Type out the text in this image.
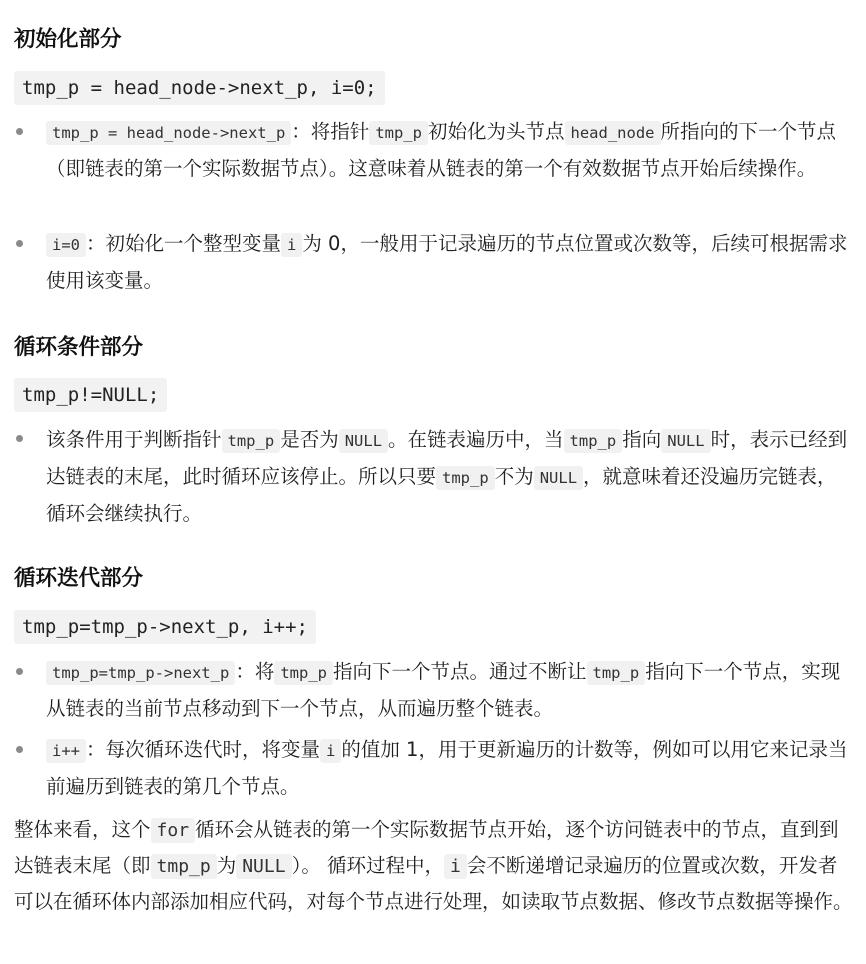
初始化部分
tmp_p = head_node->next_p, i=0;

tmp_p = head_node->next_p ：将指针 tmp_p 初始化为头节点 head_node 所指向的下一个节点（即链表的第一个实际数据节点）。这意味着从链表的第一个有效数据节点开始后续操作。

i=0 ：初始化一个整型变量 i 为 0，一般用于记录遍历的节点位置或次数等，后续可根据需求使用该变量。

循环条件部分
tmp_p!=NULL;

该条件用于判断指针 tmp_p 是否为 NULL 。在链表遍历中，当 tmp_p 指向 NULL 时，表示已经到达链表的末尾，此时循环应该停止。所以只要 tmp_p 不为 NULL ，就意味着还没遍历完链表，循环会继续执行。

循环迭代部分
tmp_p=tmp_p->next_p, i++;

tmp_p=tmp_p->next_p ：将 tmp_p 指向下一个节点。通过不断让 tmp_p 指向下一个节点，实现从链表的当前节点移动到下一个节点，从而遍历整个链表。

i++ ：每次循环迭代时，将变量 i 的值加 1，用于更新遍历的计数等，例如可以用它来记录当前遍历到链表的第几个节点。

整体来看，这个 for 循环会从链表的第一个实际数据节点开始，逐个访问链表中的节点，直到到达链表末尾（即 tmp_p 为 NULL ）。 循环过程中， i 会不断递增记录遍历的位置或次数，开发者可以在循环体内部添加相应代码，对每个节点进行处理，如读取节点数据、修改节点数据等操作。
